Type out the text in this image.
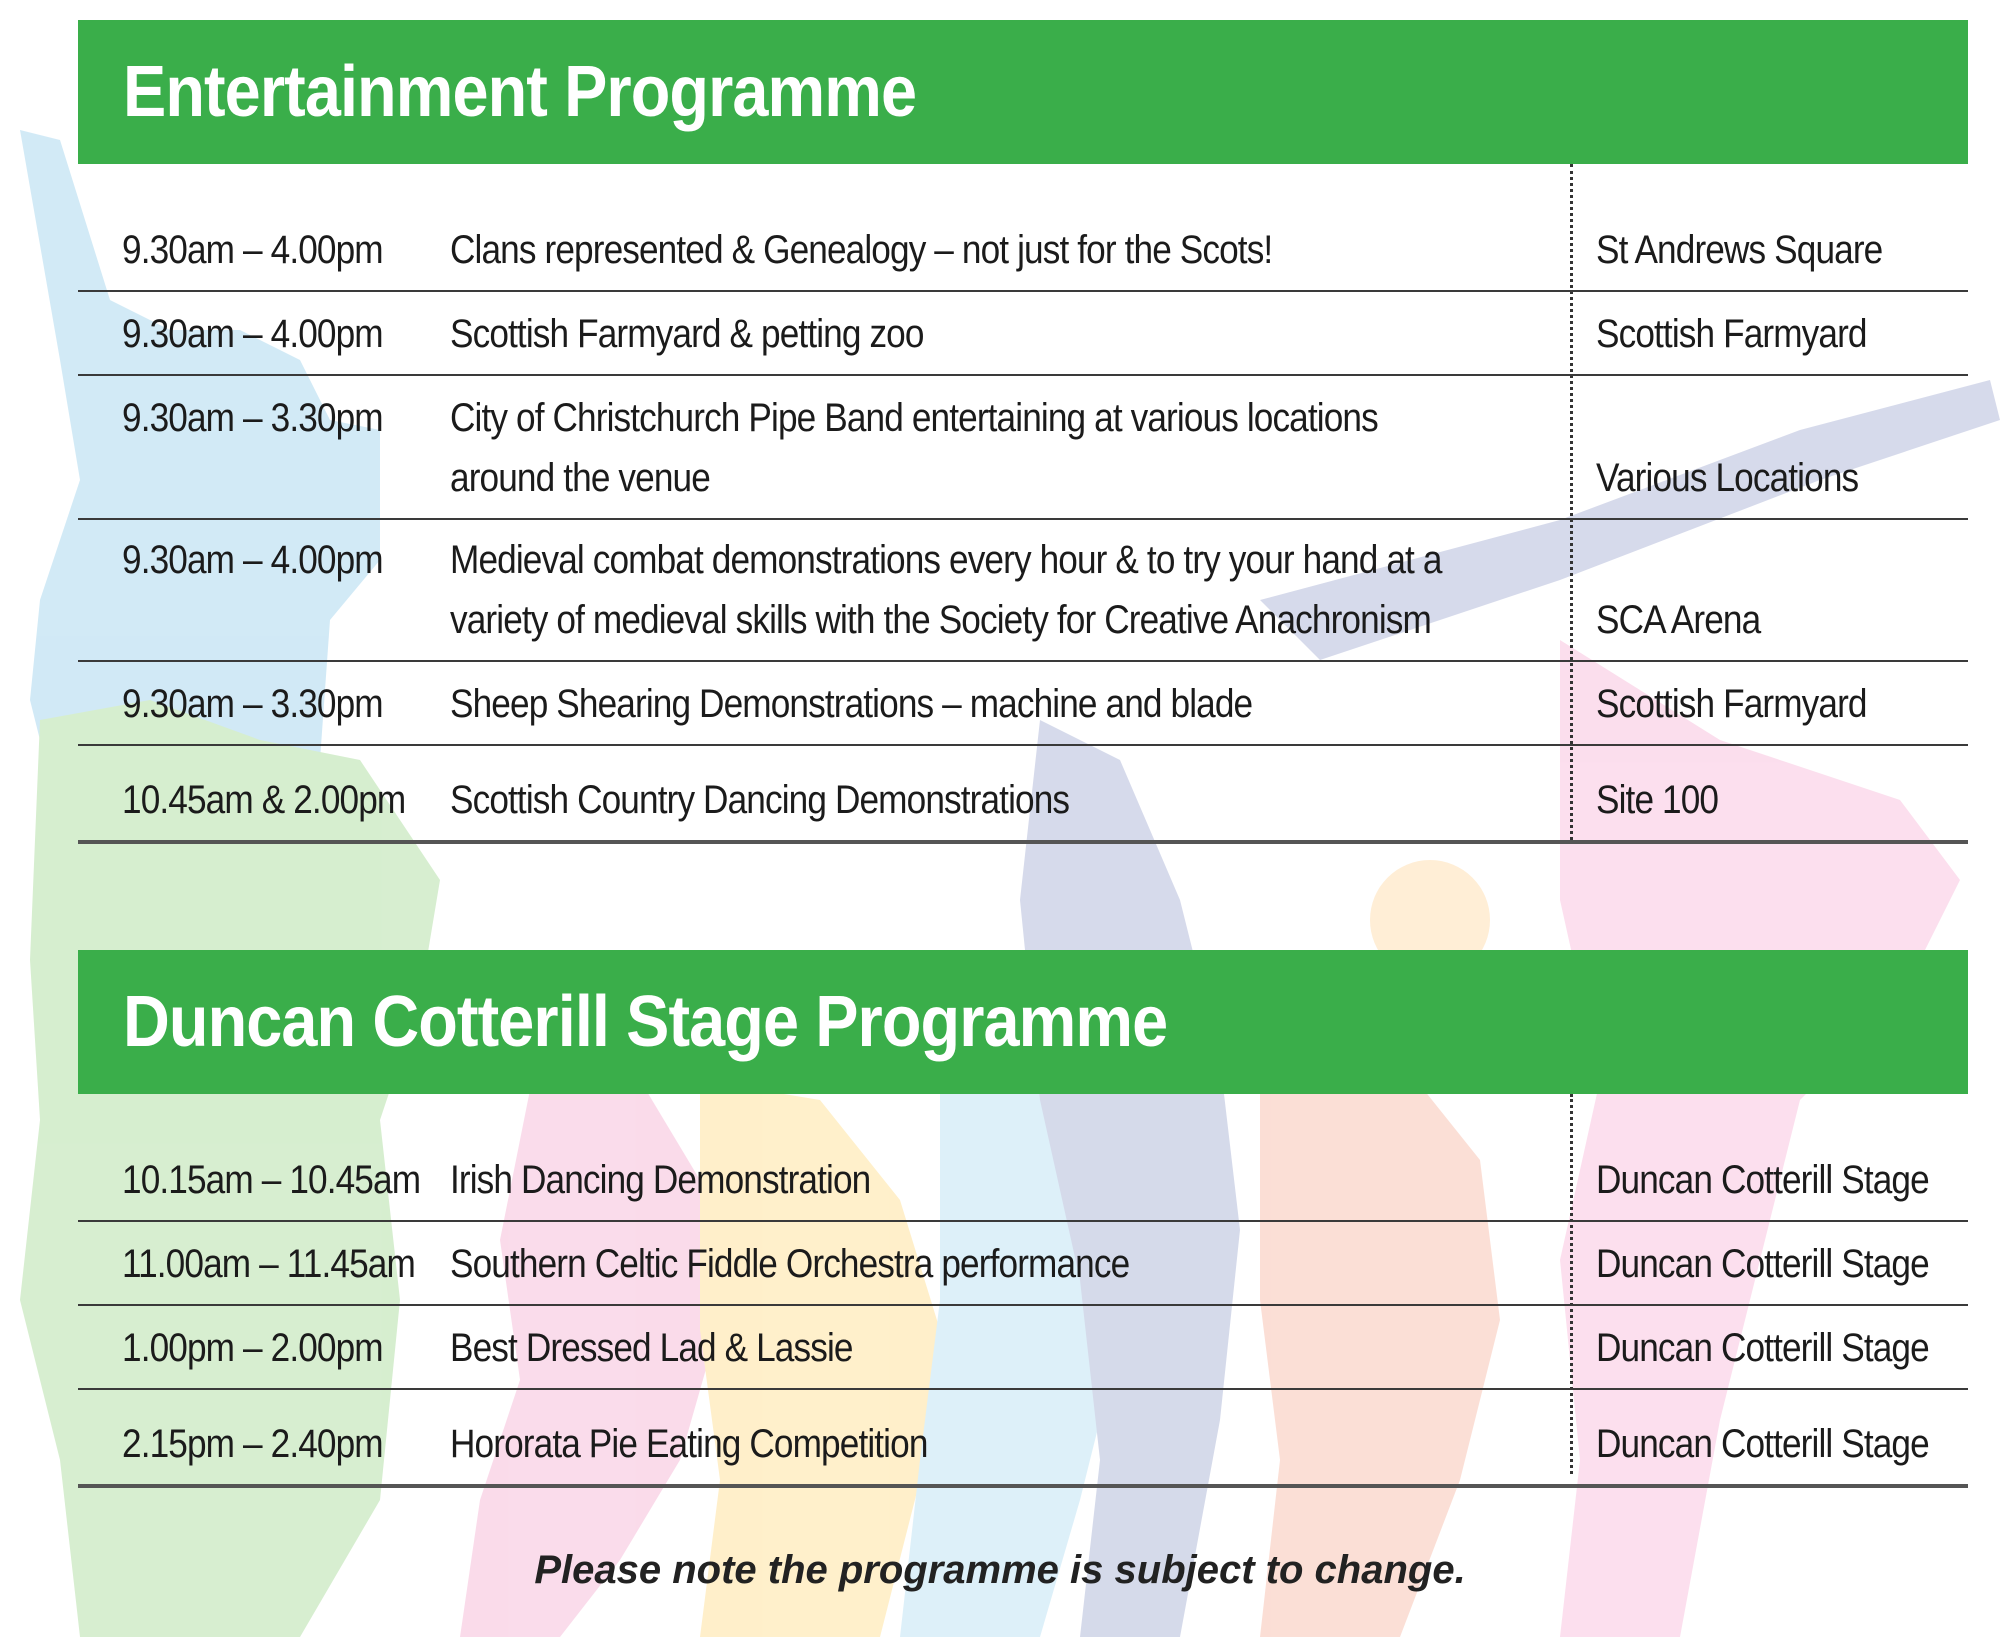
Entertainment Programme
9.30am – 4.00pm Clans represented & Genealogy – not just for the Scots!	St Andrews Square
9.30am – 4.00pm Scottish Farmyard & petting zoo	Scottish Farmyard
9.30am – 3.30pm City of Christchurch Pipe Band entertaining at various locations
around the venue	Various Locations
9.30am – 4.00pm Medieval combat demonstrations every hour & to try your hand at a
variety of medieval skills with the Society for Creative Anachronism	SCA Arena
9.30am – 3.30pm Sheep Shearing Demonstrations – machine and blade	Scottish Farmyard
10.45am & 2.00pm Scottish Country Dancing Demonstrations	Site 100
Duncan Cotterill Stage Programme
10.15am – 10.45am Irish Dancing Demonstration	Duncan Cotterill Stage
11.00am – 11.45am Southern Celtic Fiddle Orchestra performance	Duncan Cotterill Stage
1.00pm – 2.00pm Best Dressed Lad & Lassie	Duncan Cotterill Stage
2.15pm – 2.40pm Hororata Pie Eating Competition	Duncan Cotterill Stage
Please note the programme is subject to change.
